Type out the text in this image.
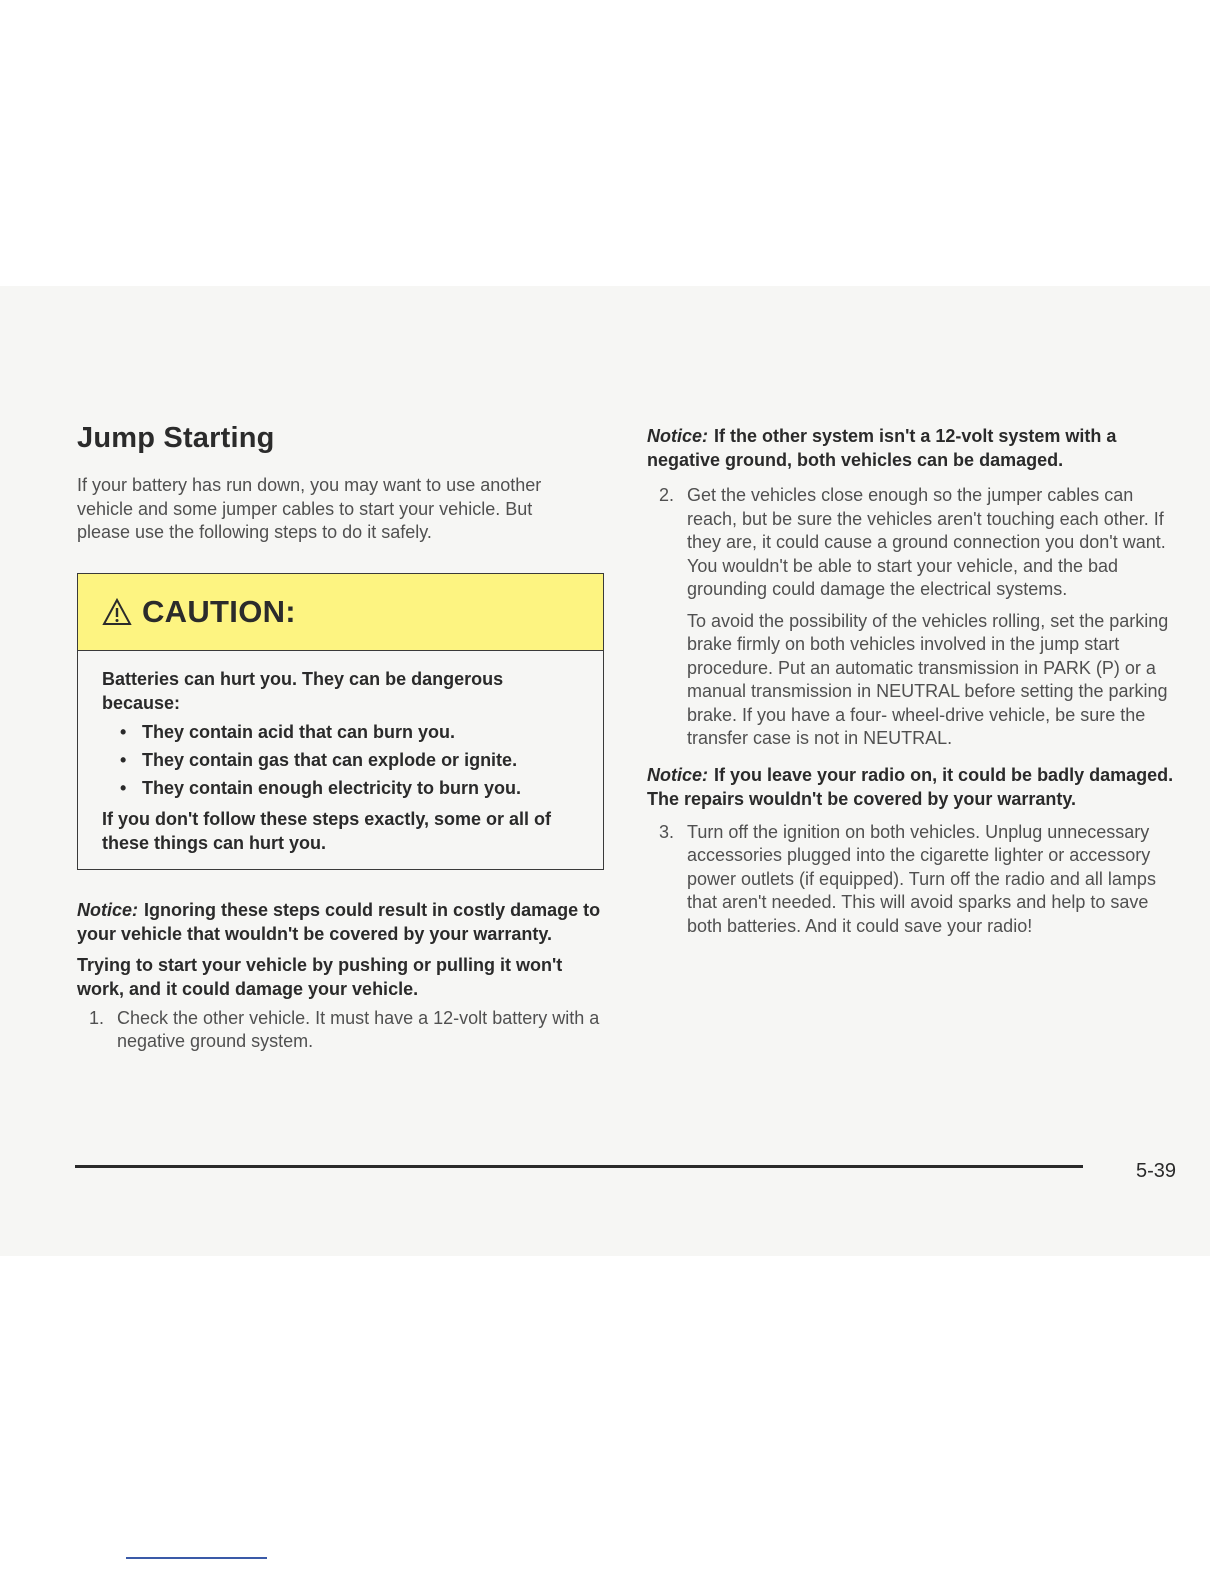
Jump Starting

If your battery has run down, you may want to use another vehicle and some jumper cables to start your vehicle. But please use the following steps to do it safely.

CAUTION:

Batteries can hurt you. They can be dangerous because:

• They contain acid that can burn you.
• They contain gas that can explode or ignite.
• They contain enough electricity to burn you.

If you don't follow these steps exactly, some or all of these things can hurt you.

Notice: Ignoring these steps could result in costly damage to your vehicle that wouldn't be covered by your warranty.

Trying to start your vehicle by pushing or pulling it won't work, and it could damage your vehicle.

1. Check the other vehicle. It must have a 12-volt battery with a negative ground system.

Notice: If the other system isn't a 12-volt system with a negative ground, both vehicles can be damaged.

2. Get the vehicles close enough so the jumper cables can reach, but be sure the vehicles aren't touching each other. If they are, it could cause a ground connection you don't want. You wouldn't be able to start your vehicle, and the bad grounding could damage the electrical systems.

To avoid the possibility of the vehicles rolling, set the parking brake firmly on both vehicles involved in the jump start procedure. Put an automatic transmission in PARK (P) or a manual transmission in NEUTRAL before setting the parking brake. If you have a four- wheel-drive vehicle, be sure the transfer case is not in NEUTRAL.

Notice: If you leave your radio on, it could be badly damaged. The repairs wouldn't be covered by your warranty.

3. Turn off the ignition on both vehicles. Unplug unnecessary accessories plugged into the cigarette lighter or accessory power outlets (if equipped). Turn off the radio and all lamps that aren't needed. This will avoid sparks and help to save both batteries. And it could save your radio!

5-39
